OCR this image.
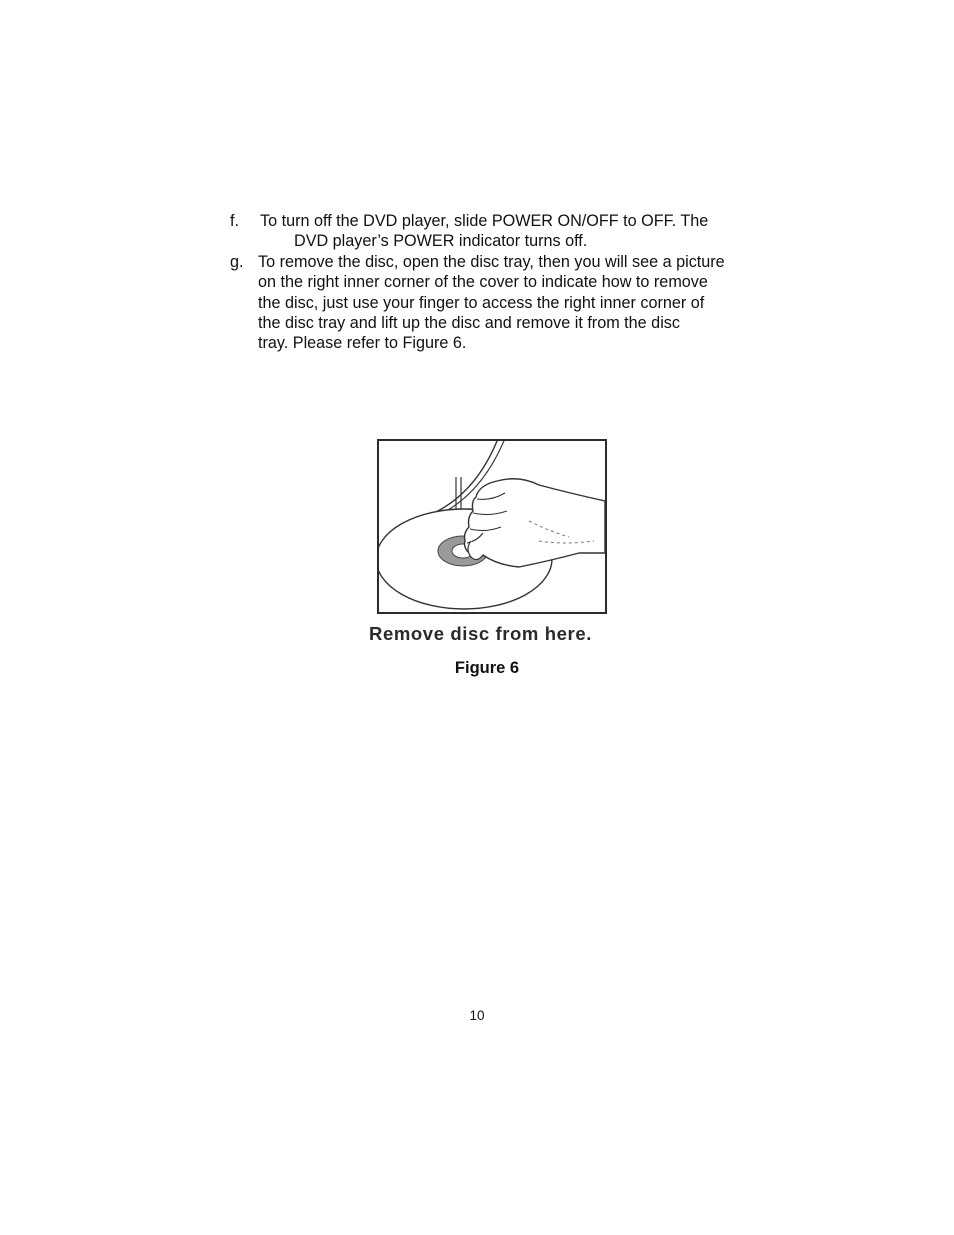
f. To turn off the DVD player, slide POWER ON/OFF to OFF. The
DVD player’s POWER indicator turns off.
g. To remove the disc, open the disc tray, then you will see a picture
on the right inner corner of the cover to indicate how to remove
the disc, just use your finger to access the right inner corner of
the disc tray and lift up the disc and remove it from the disc
tray. Please refer to Figure 6.
Remove disc from here.
Figure 6
10
